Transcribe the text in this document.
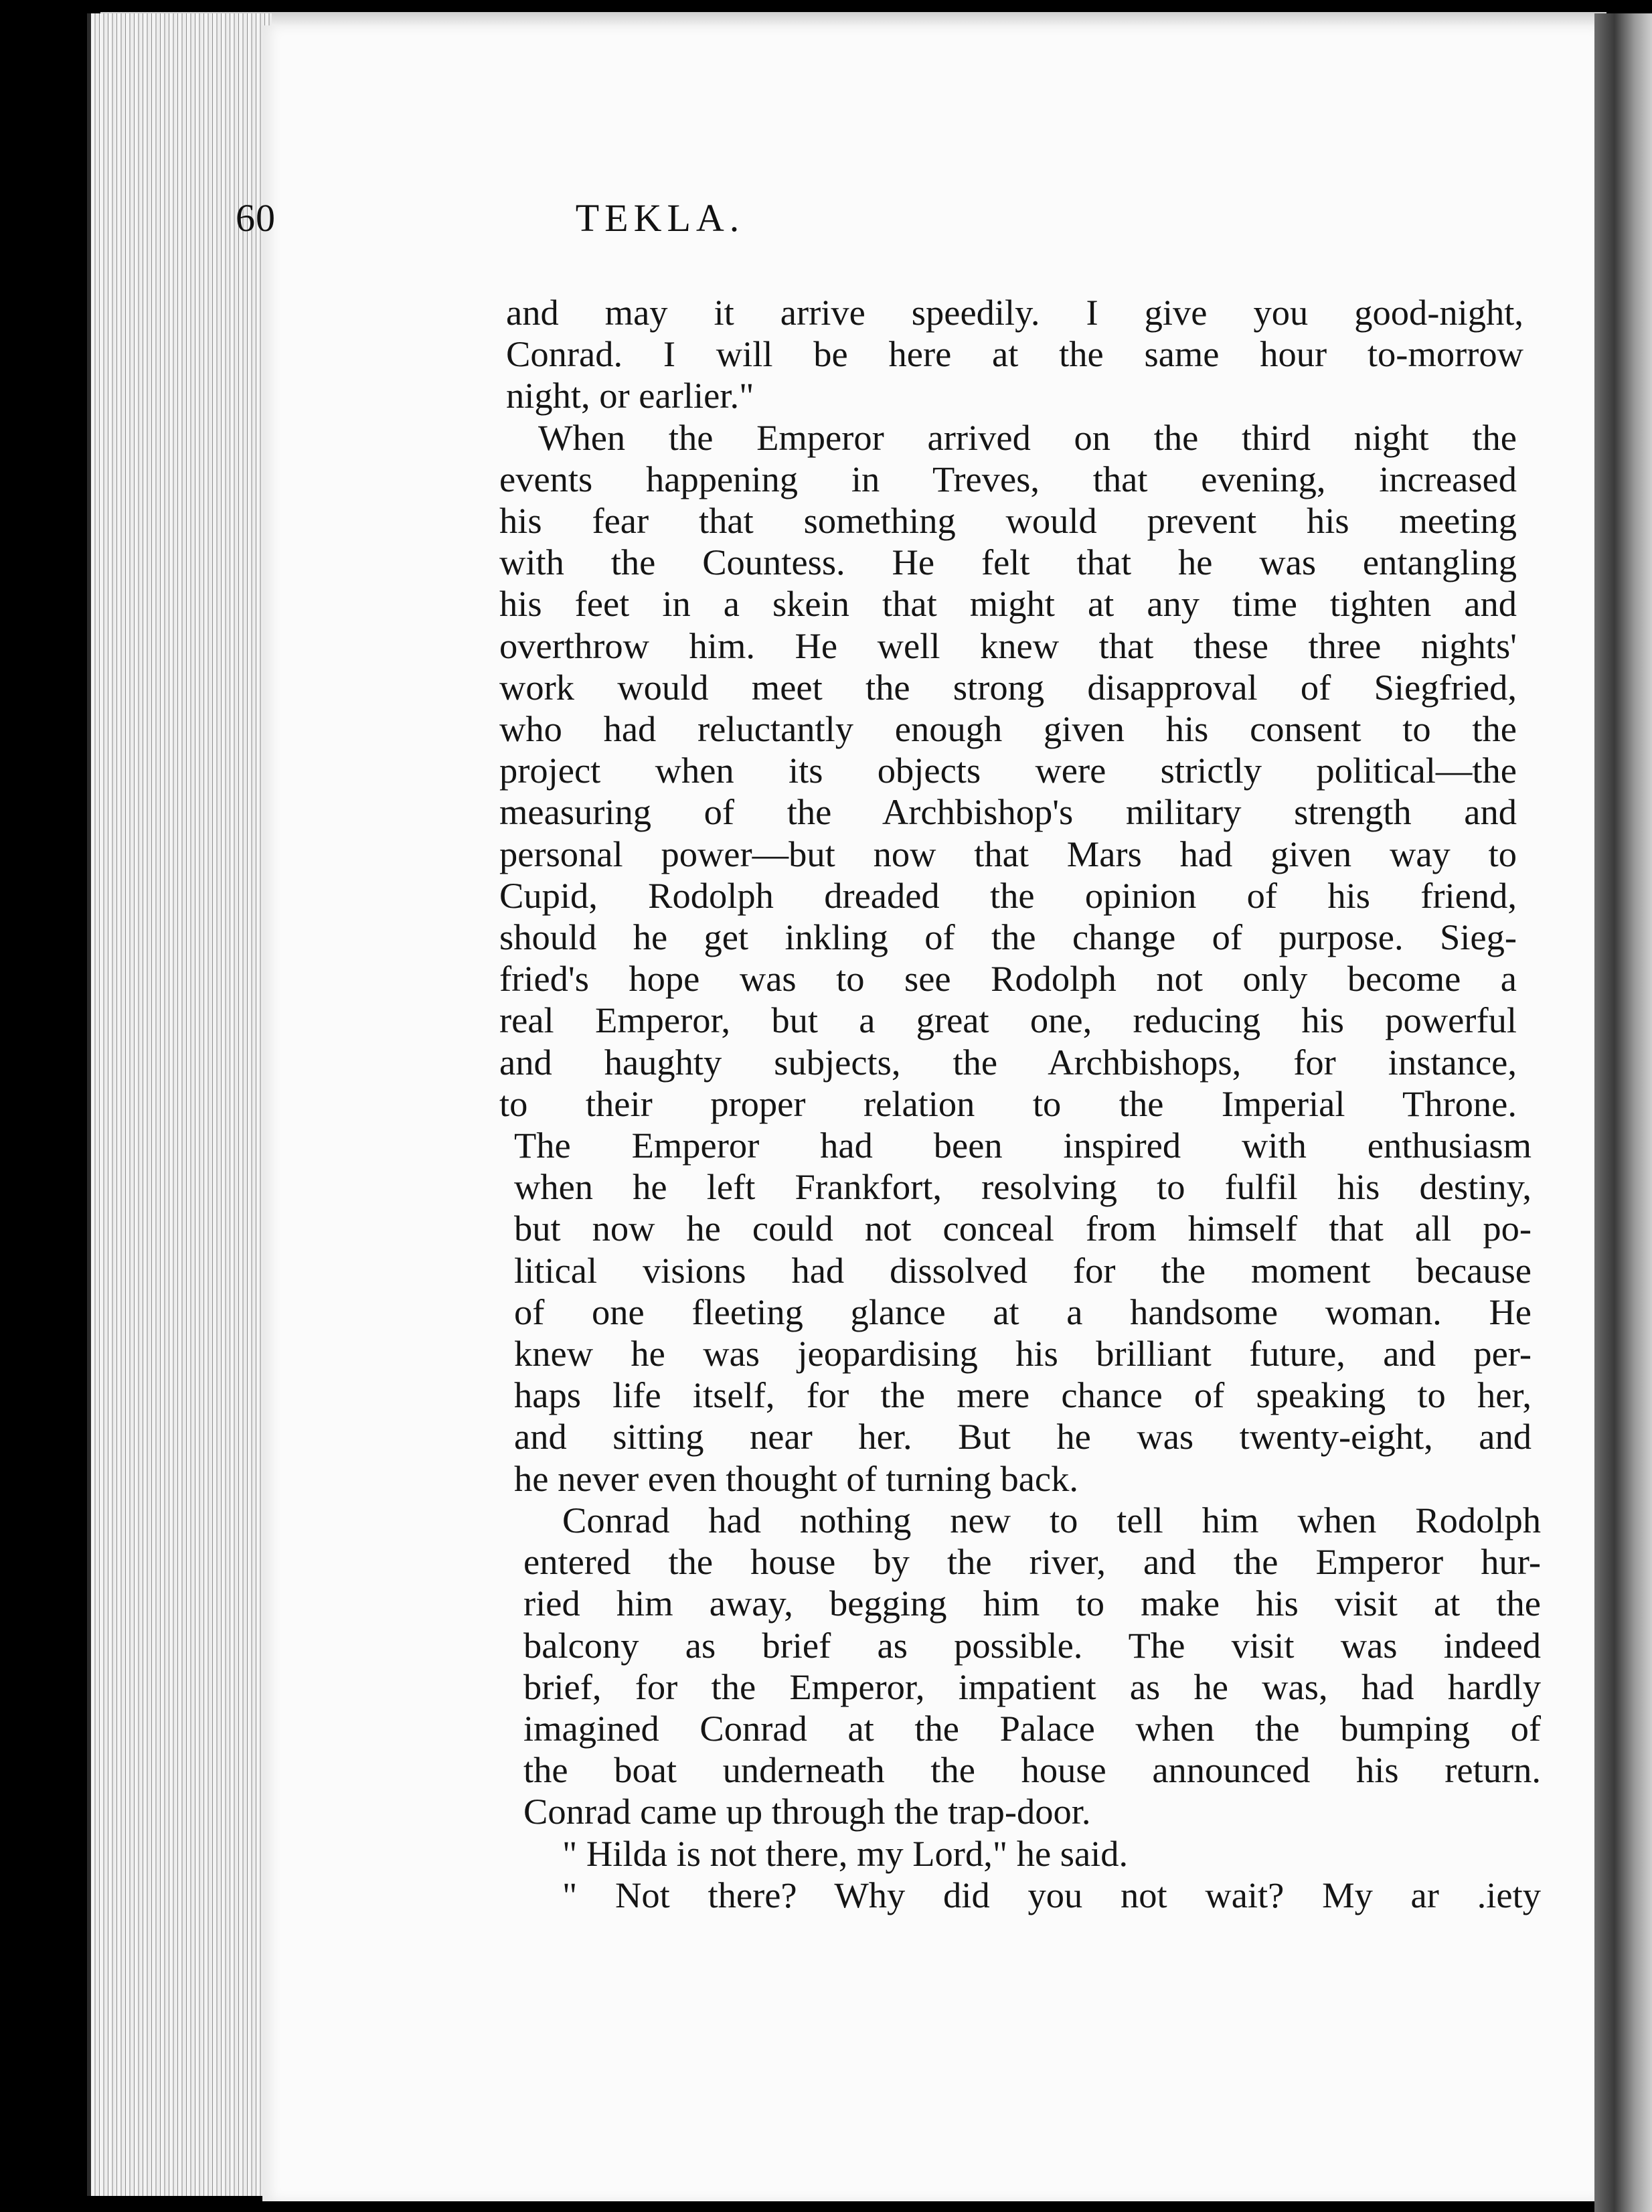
60	TEKLA.
and may it arrive speedily. I give you good-night,
Conrad. I will be here at the same hour to-morrow
night, or earlier."
When the Emperor arrived on the third night the
events happening in Treves, that evening, increased
his fear that something would prevent his meeting
with the Countess. He felt that he was entangling
his feet in a skein that might at any time tighten and
overthrow him. He well knew that these three nights'
work would meet the strong disapproval of Siegfried,
who had reluctantly enough given his consent to the
project when its objects were strictly political—the
measuring of the Archbishop's military strength and
personal power—but now that Mars had given way to
Cupid, Rodolph dreaded the opinion of his friend,
should he get inkling of the change of purpose. Sieg-
fried's hope was to see Rodolph not only become a
real Emperor, but a great one, reducing his powerful
and haughty subjects, the Archbishops, for instance,
to their proper relation to the Imperial Throne.
The Emperor had been inspired with enthusiasm
when he left Frankfort, resolving to fulfil his destiny,
but now he could not conceal from himself that all po-
litical visions had dissolved for the moment because
of one fleeting glance at a handsome woman. He
knew he was jeopardising his brilliant future, and per-
haps life itself, for the mere chance of speaking to her,
and sitting near her. But he was twenty-eight, and
he never even thought of turning back.
Conrad had nothing new to tell him when Rodolph
entered the house by the river, and the Emperor hur-
ried him away, begging him to make his visit at the
balcony as brief as possible. The visit was indeed
brief, for the Emperor, impatient as he was, had hardly
imagined Conrad at the Palace when the bumping of
the boat underneath the house announced his return.
Conrad came up through the trap-door.
" Hilda is not there, my Lord," he said.
" Not there? Why did you not wait? My ar .iety
